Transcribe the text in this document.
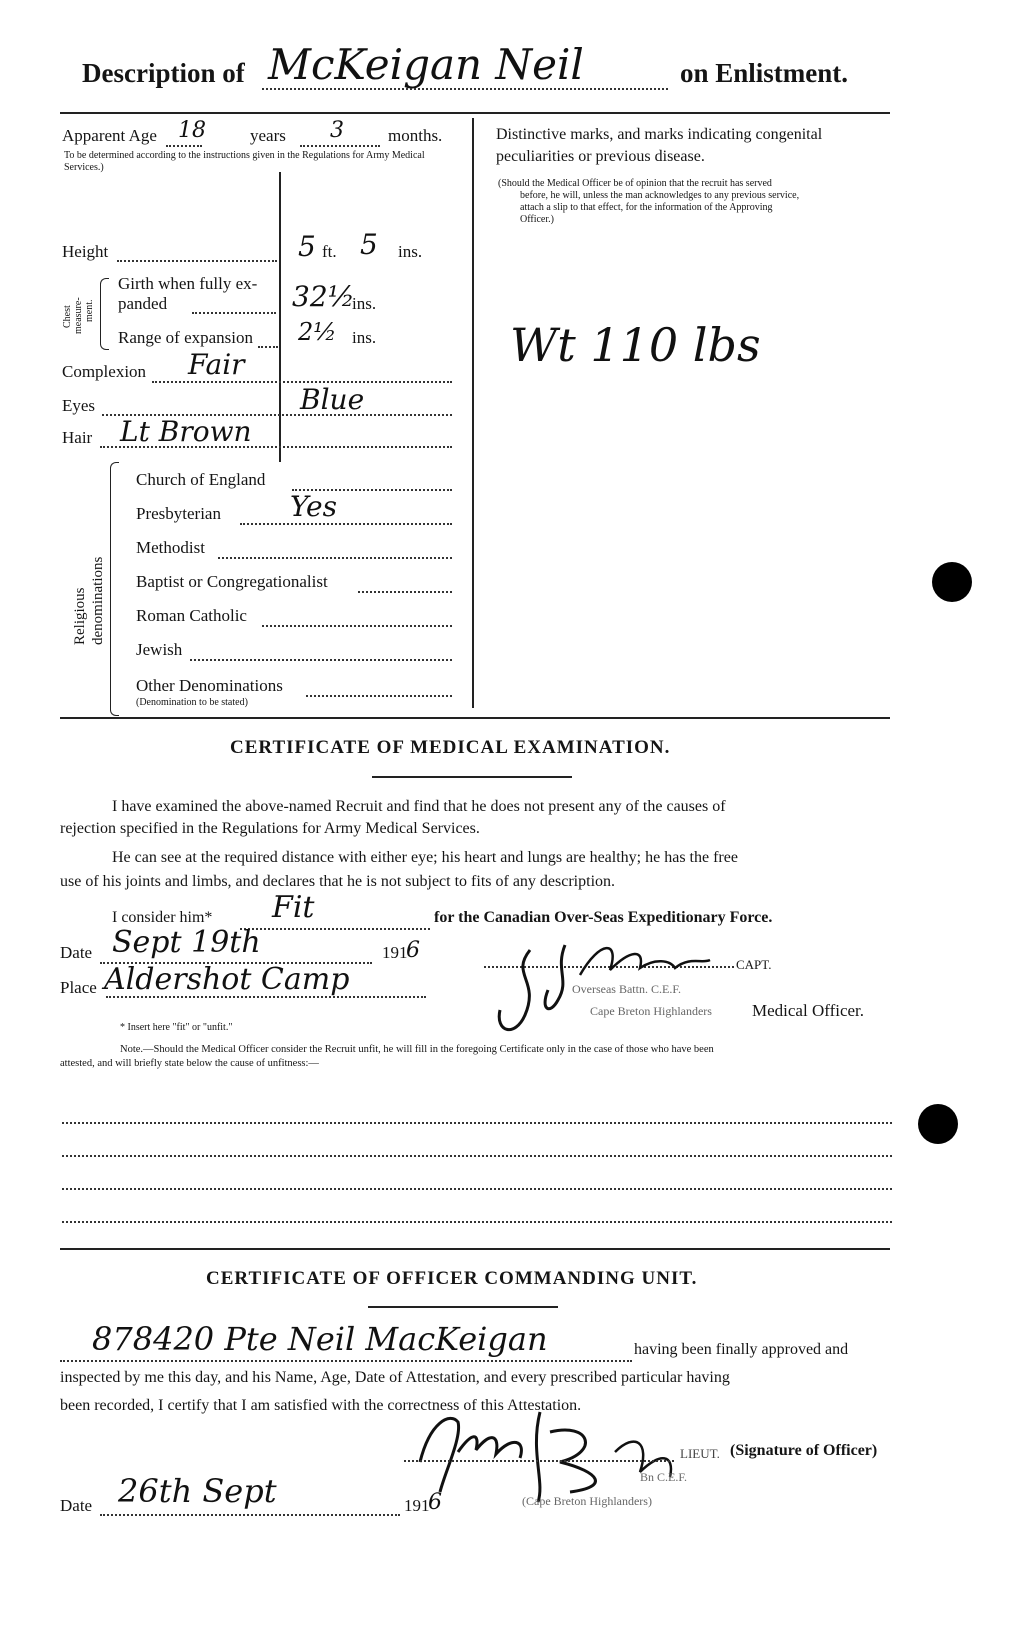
Description of McKeigan Neil	on Enlistment.
Apparent Age 18	years 3	months.
To be determined according to the instructions given in the Regulations for Army Medical Services.)
Height	5 ft. 5 ins.
Chest measure- ment.
Girth when fully ex-
panded	32½
ins.
Range of expansion 2½ ins.
Complexion Fair
Eyes	Blue
Hair Lt Brown
Religious denominations
Church of England
Presbyterian Yes
Methodist
Baptist or Congregationalist
Roman Catholic
Jewish
Other Denominations
(Denomination to be stated)
Distinctive marks, and marks indicating congenital
peculiarities or previous disease.
(Should the Medical Officer be of opinion that the recruit has served
before, he will, unless the man acknowledges to any previous service,
attach a slip to that effect, for the information of the Approving
Officer.)
Wt 110 lbs
CERTIFICATE OF MEDICAL EXAMINATION.
I have examined the above-named Recruit and find that he does not present any of the causes of
rejection specified in the Regulations for Army Medical Services.
He can see at the required distance with either eye; his heart and lungs are healthy; he has the free
use of his joints and limbs, and declares that he is not subject to fits of any description.
I consider him* Fit	for the Canadian Over-Seas Expeditionary Force.
Date Sept 19th	191
6
Place Aldershot Camp
* Insert here "fit" or "unfit."
CAPT.
Overseas Battn. C.E.F.
Cape Breton Highlanders Medical Officer.
Note.—Should the Medical Officer consider the Recruit unfit, he will fill in the foregoing Certificate only in the case of those who have been
attested, and will briefly state below the cause of unfitness:—
CERTIFICATE OF OFFICER COMMANDING UNIT.
878420 Pte Neil MacKeigan	having been finally approved and
inspected by me this day, and his Name, Age, Date of Attestation, and every prescribed particular having
been recorded, I certify that I am satisfied with the correctness of this Attestation.
LIEUT. (Signature of Officer)
Bn C.E.F.
(Cape Breton Highlanders)
Date 26th Sept	191
6
